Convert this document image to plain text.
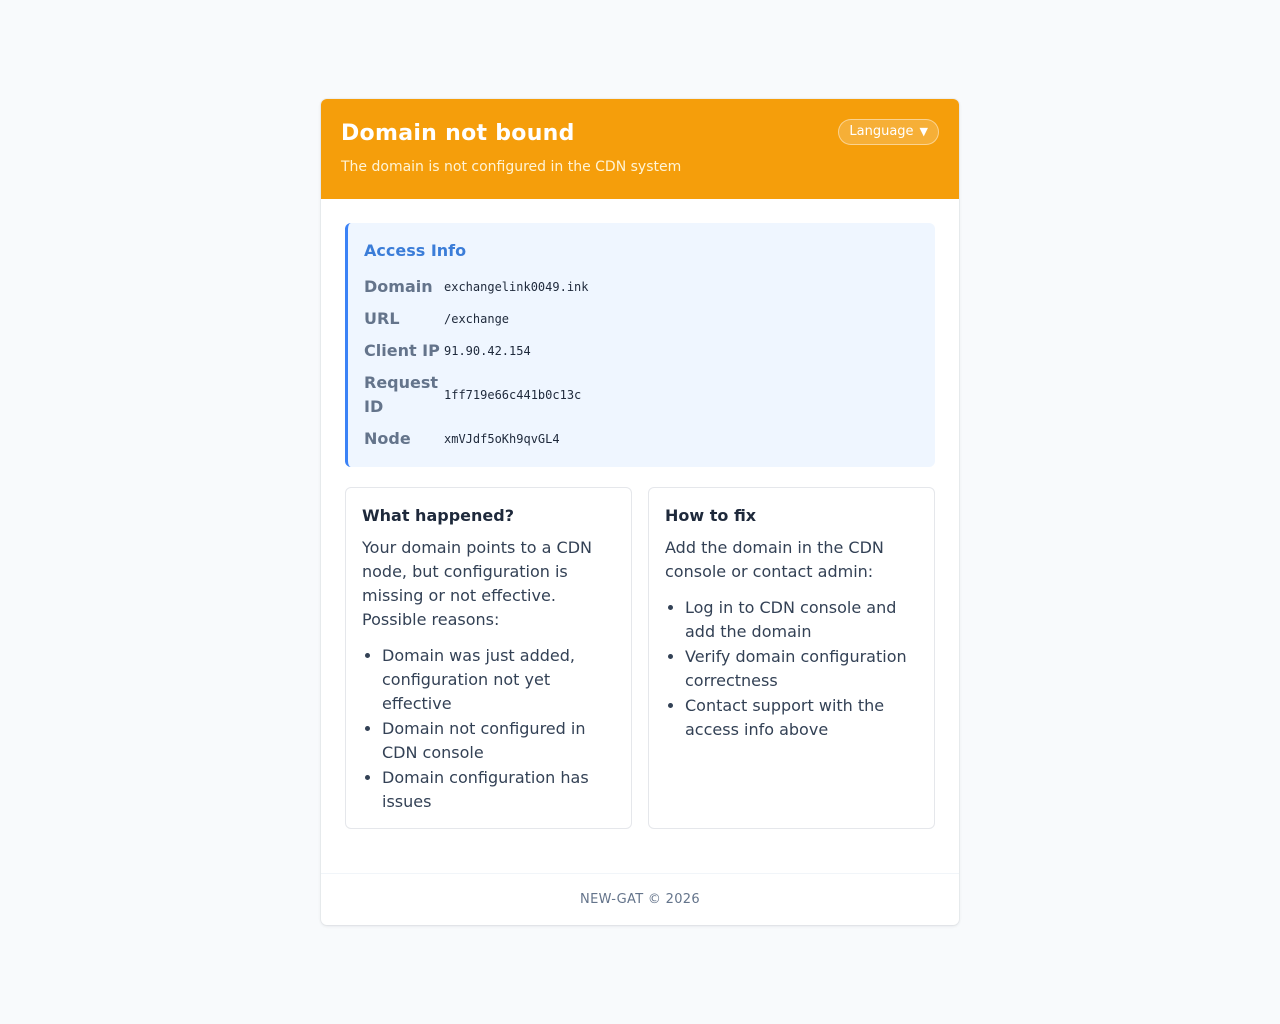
Domain not bound

The domain is not configured in the CDN system

Language ▼
Access Info
Domain exchangelink0049.ink
URL	/exchange
Client IP 91.90.42.154
Request ID
1ff719e66c441b0c13c
Node	xmVJdf5oKh9qvGL4
What happened?

Your domain points to a CDN node, but configuration is missing or not effective. Possible reasons:

• Domain was just added, configuration not yet effective
• Domain not configured in CDN console
• Domain configuration has issues
How to fix

Add the domain in the CDN console or contact admin:

• Log in to CDN console and add the domain
• Verify domain configuration correctness
• Contact support with the access info above
NEW-GAT © 2026
